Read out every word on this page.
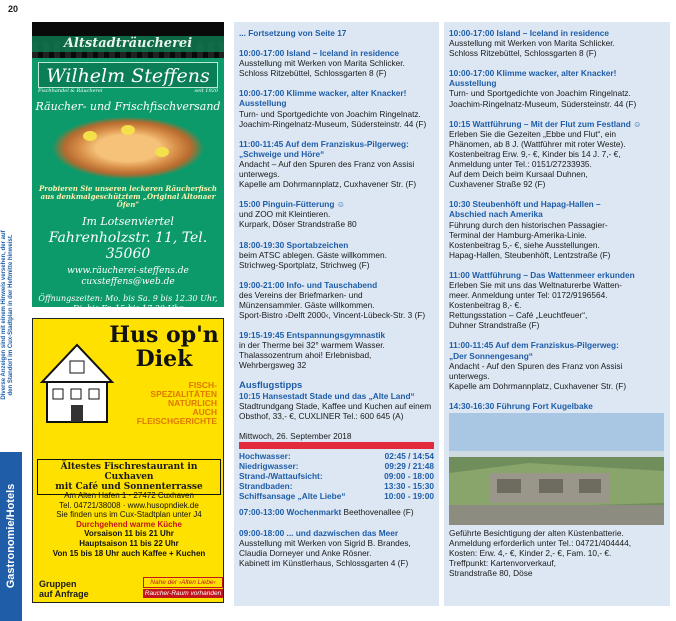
20
Diverse Anzeigen sind mit einem Hinweis versehen, der auf den Standort im Cux-Stadtplan in der Heftmitte hinweist.
Gastronomie/Hotels
Altstadträucherei
Wilhelm Steffens
Fischhandel & Räucherei	seit 1920
Räucher- und Frischfischversand
Probieren Sie unseren leckeren Räucherfisch
aus denkmalgeschütztem „Original Altonaer Öfen“
Im Lotsenviertel
Fahrenholzstr. 11, Tel. 35060
www.räucherei-steffens.de
cuxsteffens@web.de
Öffnungszeiten: Mo. bis Sa. 9 bis 12.30 Uhr,
Di. bis Fr. 15 bis 17.30 Uhr
Hus op'n
Diek
FISCH-
SPEZIALITÄTEN
NATÜRLICH
AUCH
FLEISCHGERICHTE
Ältestes Fischrestaurant in Cuxhaven
mit Café und Sonnenterrasse
Am Alten Hafen 1 · 27472 Cuxhaven
Tel. 04721/38008 · www.husopndiek.de
Sie finden uns im Cux-Stadtplan unter J4
Durchgehend warme Küche
Vorsaison 11 bis 21 Uhr
Hauptsaison 11 bis 22 Uhr
Von 15 bis 18 Uhr auch Kaffee + Kuchen
Gruppen
auf Anfrage
Nahe der ›Alten Liebe‹
Raucher-Raum vorhanden
... Fortsetzung von Seite 17
10:00-17:00 Island – Iceland in residence
Ausstellung mit Werken von Marita Schlicker.
Schloss Ritzebüttel, Schlossgarten 8 (F)
10:00-17:00 Klimme wacker, alter Knacker!
Ausstellung
Turn- und Sportgedichte von Joachim Ringelnatz.
Joachim-Ringelnatz-Museum, Südersteinstr. 44 (F)
11:00-11:45 Auf dem Franziskus-Pilgerweg:
„Schweige und Höre“
Andacht – Auf den Spuren des Franz von Assisi
unterwegs.
Kapelle am Dohrmannplatz, Cuxhavener Str. (F)
15:00 Pinguin-Fütterung ☺
und ZOO mit Kleintieren.
Kurpark, Döser Strandstraße 80
18:00-19:30 Sportabzeichen
beim ATSC ablegen. Gäste willkommen.
Strichweg-Sportplatz, Strichweg (F)
19:00-21:00 Info- und Tauschabend
des Vereins der Briefmarken- und
Münzensammler. Gäste willkommen.
Sport-Bistro ›Delft 2000‹, Vincent-Lübeck-Str. 3 (F)
19:15-19:45 Entspannungsgymnastik
in der Therme bei 32° warmem Wasser.
Thalassozentrum ahoi! Erlebnisbad,
Wehrbergsweg 32
Ausflugstipps
10:15 Hansestadt Stade und das „Alte Land“
Stadtrundgang Stade, Kaffee und Kuchen auf einem
Obsthof, 33,- €, CUXLINER Tel.: 600 645 (A)
Mittwoch, 26. September 2018
Hochwasser:	02:45 / 14:54
Niedrigwasser:	09:29 / 21:48
Strand-/Wattaufsicht:	09:00 - 18:00
Strandbaden:	13:30 - 15:30
Schiffsansage „Alte Liebe“	10:00 - 19:00
07:00-13:00 Wochenmarkt Beethovenallee (F)
09:00-18:00 ... und dazwischen das Meer
Ausstellung mit Werken von Sigrid B. Brandes,
Claudia Dorneyer und Anke Rösner.
Kabinett im Künstlerhaus, Schlossgarten 4 (F)
10:00-17:00 Island – Iceland in residence
Ausstellung mit Werken von Marita Schlicker.
Schloss Ritzebüttel, Schlossgarten 8 (F)
10:00-17:00 Klimme wacker, alter Knacker!
Ausstellung
Turn- und Sportgedichte von Joachim Ringelnatz.
Joachim-Ringelnatz-Museum, Südersteinstr. 44 (F)
10:15 Wattführung – Mit der Flut zum Festland ☺
Erleben Sie die Gezeiten „Ebbe und Flut“, ein
Phänomen, ab 8 J. (Wattführer mit roter Weste).
Kostenbeitrag Erw. 9,- €, Kinder bis 14 J. 7,- €,
Anmeldung unter Tel.: 0151/27233935.
Auf dem Deich beim Kursaal Duhnen,
Cuxhavener Straße 92 (F)
10:30 Steubenhöft und Hapag-Hallen –
Abschied nach Amerika
Führung durch den historischen Passagier-
Terminal der Hamburg-Amerika-Linie.
Kostenbeitrag 5,- €, siehe Ausstellungen.
Hapag-Hallen, Steubenhöft, Lentzstraße (F)
11:00 Wattführung – Das Wattenmeer erkunden
Erleben Sie mit uns das Weltnaturerbe Watten-
meer. Anmeldung unter Tel: 0172/9196564.
Kostenbeitrag 8,- €.
Rettungsstation – Café „Leuchtfeuer“,
Duhner Strandstraße (F)
11:00-11:45 Auf dem Franziskus-Pilgerweg:
„Der Sonnengesang“
Andacht - Auf den Spuren des Franz von Assisi
unterwegs.
Kapelle am Dohrmannplatz, Cuxhavener Str. (F)
14:30-16:30 Führung Fort Kugelbake
Geführte Besichtigung der alten Küstenbatterie.
Anmeldung erforderlich unter Tel.: 04721/404444,
Kosten: Erw. 4,- €, Kinder 2,- €, Fam. 10,- €.
Treffpunkt: Kartenvorverkauf,
Strandstraße 80, Döse
